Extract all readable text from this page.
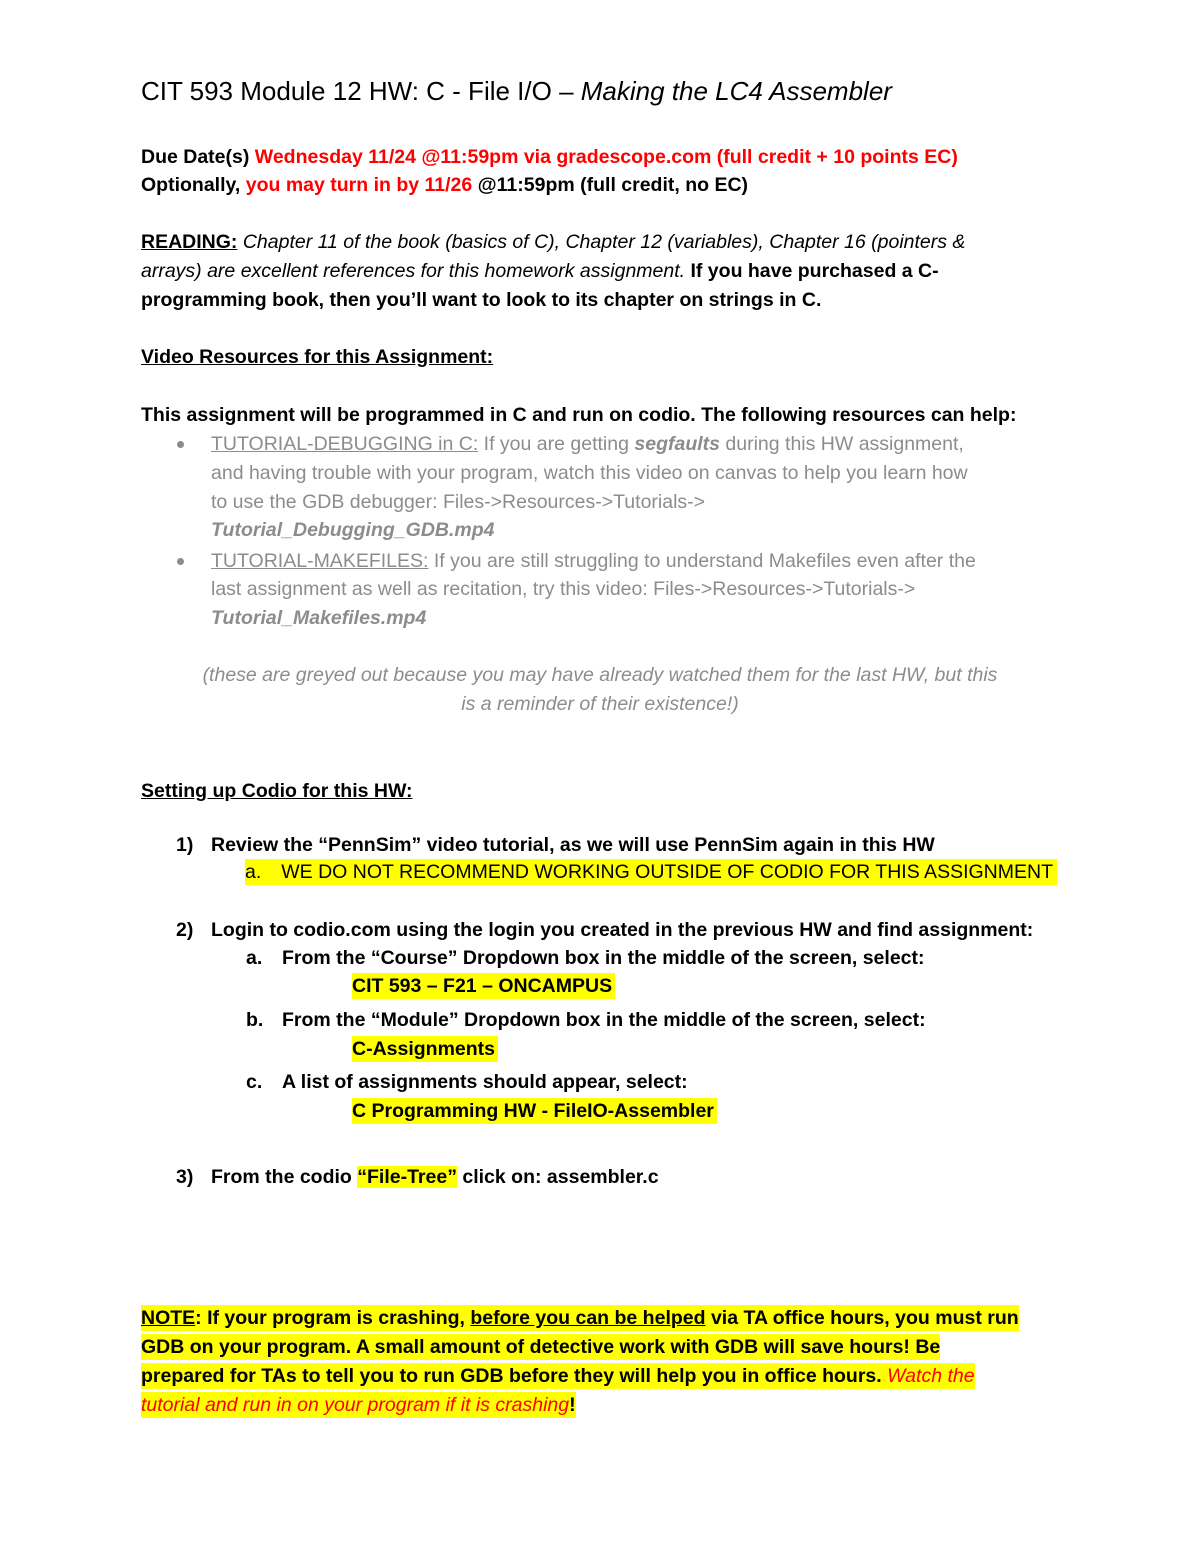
CIT 593 Module 12 HW: C - File I/O – Making the LC4 Assembler
Due Date(s) Wednesday 11/24 @11:59pm via gradescope.com (full credit + 10 points EC)
Optionally, you may turn in by 11/26 @11:59pm (full credit, no EC)
READING: Chapter 11 of the book (basics of C), Chapter 12 (variables), Chapter 16 (pointers &
arrays) are excellent references for this homework assignment. If you have purchased a C-
programming book, then you’ll want to look to its chapter on strings in C.
Video Resources for this Assignment:
This assignment will be programmed in C and run on codio. The following resources can help:
TUTORIAL-DEBUGGING in C: If you are getting segfaults during this HW assignment,
and having trouble with your program, watch this video on canvas to help you learn how
to use the GDB debugger: Files->Resources->Tutorials->
Tutorial_Debugging_GDB.mp4
TUTORIAL-MAKEFILES: If you are still struggling to understand Makefiles even after the
last assignment as well as recitation, try this video: Files->Resources->Tutorials->
Tutorial_Makefiles.mp4
(these are greyed out because you may have already watched them for the last HW, but this
is a reminder of their existence!)
Setting up Codio for this HW:
1) Review the “PennSim” video tutorial, as we will use PennSim again in this HW
a. WE DO NOT RECOMMEND WORKING OUTSIDE OF CODIO FOR THIS ASSIGNMENT
2) Login to codio.com using the login you created in the previous HW and find assignment:
a. From the “Course” Dropdown box in the middle of the screen, select:
CIT 593 – F21 – ONCAMPUS
b. From the “Module” Dropdown box in the middle of the screen, select:
C-Assignments
c. A list of assignments should appear, select:
C Programming HW - FileIO-Assembler
3) From the codio “File-Tree” click on: assembler.c
NOTE: If your program is crashing, before you can be helped via TA office hours, you must run
GDB on your program. A small amount of detective work with GDB will save hours! Be
prepared for TAs to tell you to run GDB before they will help you in office hours. Watch the
tutorial and run in on your program if it is crashing!
